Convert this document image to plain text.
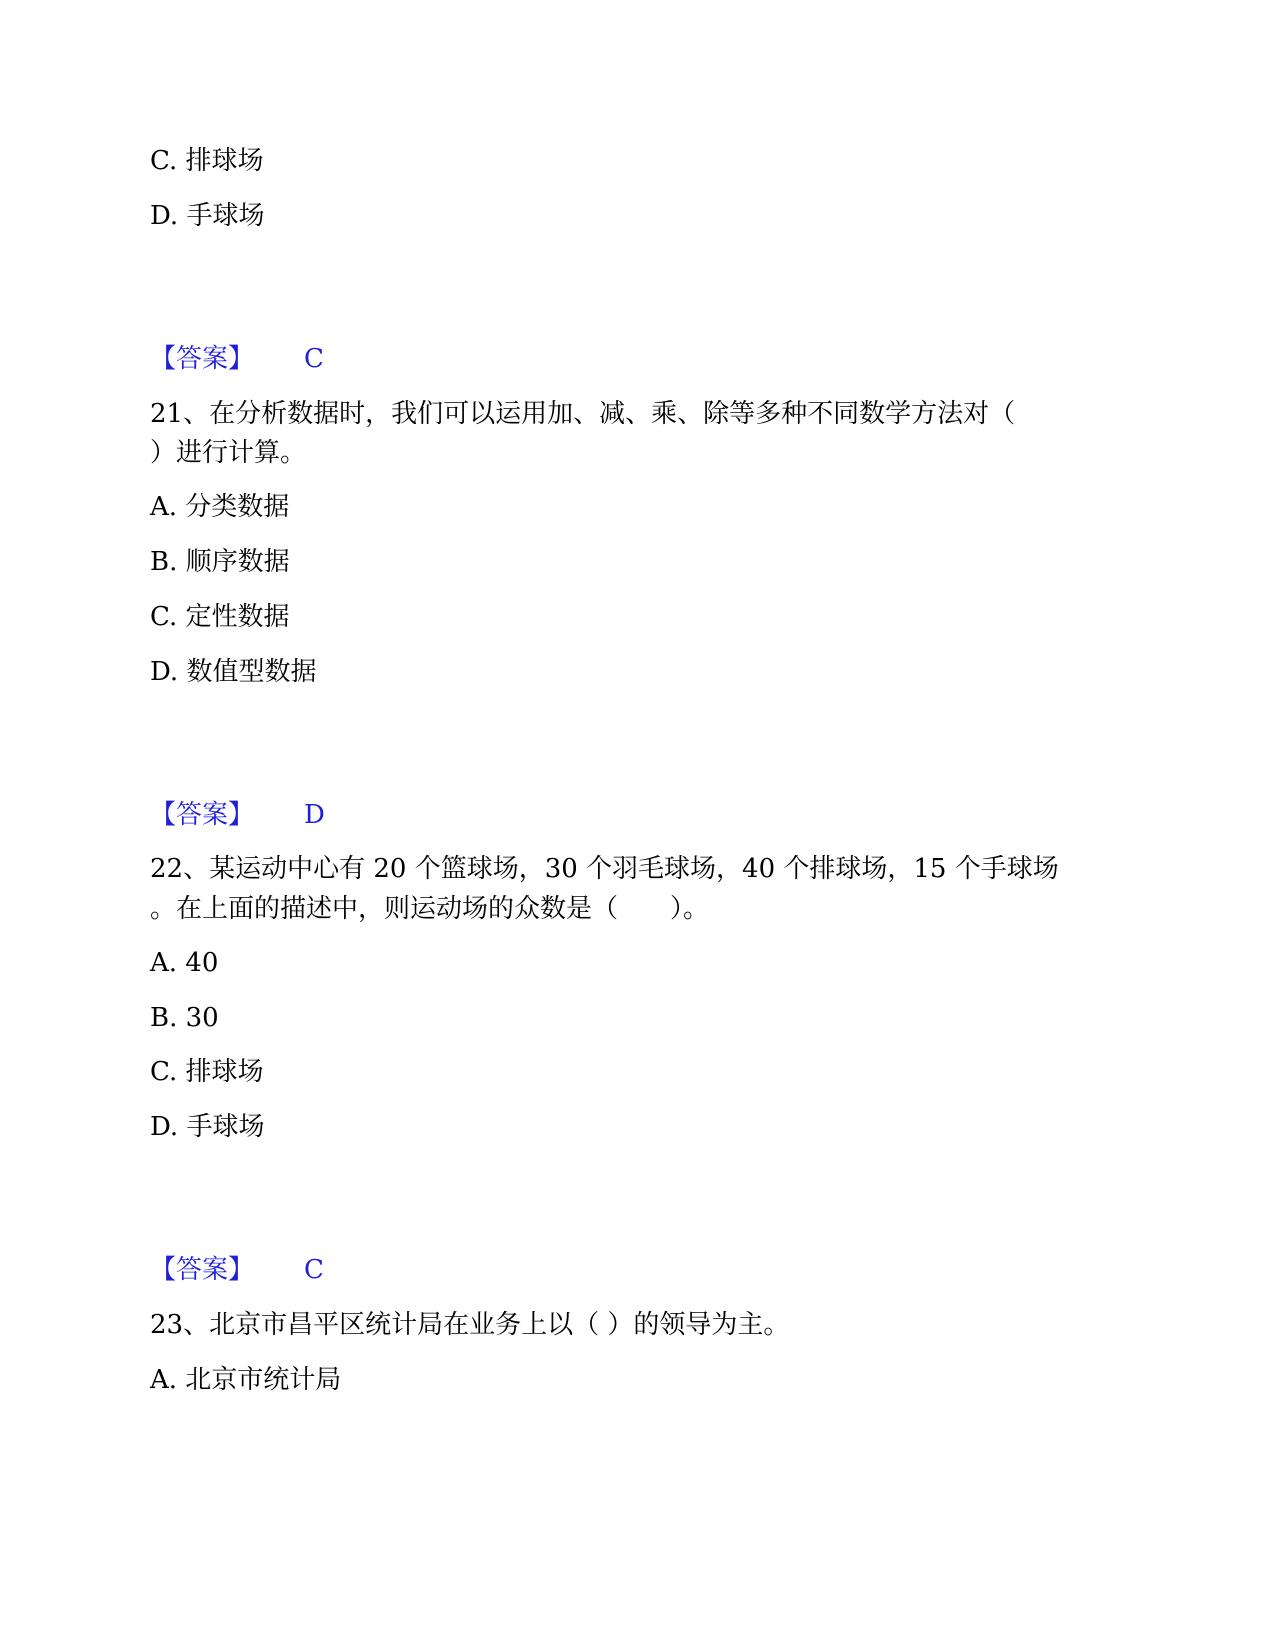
C. 排球场
D. 手球场
【答案】 C
21、在分析数据时，我们可以运用加、减、乘、除等多种不同数学方法对（
）进行计算。
A. 分类数据
B. 顺序数据
C. 定性数据
D. 数值型数据
【答案】 D
22、某运动中心有 20 个篮球场，30 个羽毛球场，40 个排球场，15 个手球场
。在上面的描述中，则运动场的众数是（　　）。
A. 40
B. 30
C. 排球场
D. 手球场
【答案】 C
23、北京市昌平区统计局在业务上以（ ）的领导为主。
A. 北京市统计局
